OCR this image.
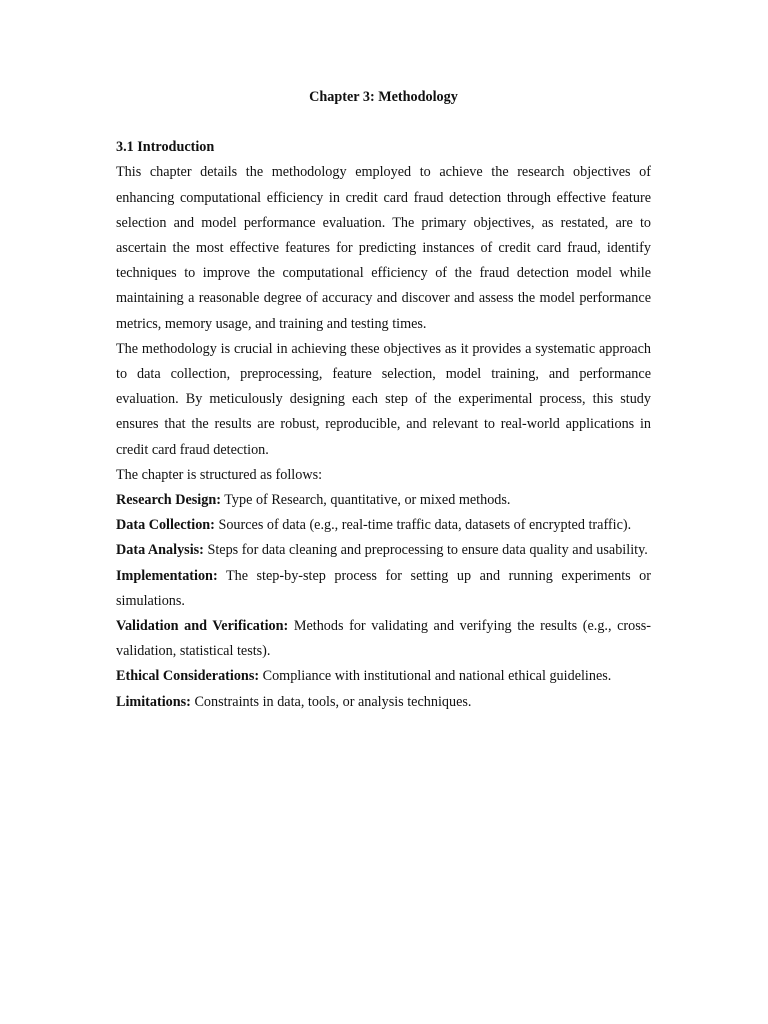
Chapter 3: Methodology

3.1 Introduction

This chapter details the methodology employed to achieve the research objectives of enhancing computational efficiency in credit card fraud detection through effective feature selection and model performance evaluation. The primary objectives, as restated, are to ascertain the most effective features for predicting instances of credit card fraud, identify techniques to improve the computational efficiency of the fraud detection model while maintaining a reasonable degree of accuracy and discover and assess the model performance metrics, memory usage, and training and testing times.

The methodology is crucial in achieving these objectives as it provides a systematic approach to data collection, preprocessing, feature selection, model training, and performance evaluation. By meticulously designing each step of the experimental process, this study ensures that the results are robust, reproducible, and relevant to real-world applications in credit card fraud detection.

The chapter is structured as follows:

Research Design: Type of Research, quantitative, or mixed methods.
Data Collection: Sources of data (e.g., real-time traffic data, datasets of encrypted traffic).
Data Analysis: Steps for data cleaning and preprocessing to ensure data quality and usability.
Implementation: The step-by-step process for setting up and running experiments or simulations.
Validation and Verification: Methods for validating and verifying the results (e.g., cross-validation, statistical tests).
Ethical Considerations: Compliance with institutional and national ethical guidelines.
Limitations: Constraints in data, tools, or analysis techniques.
